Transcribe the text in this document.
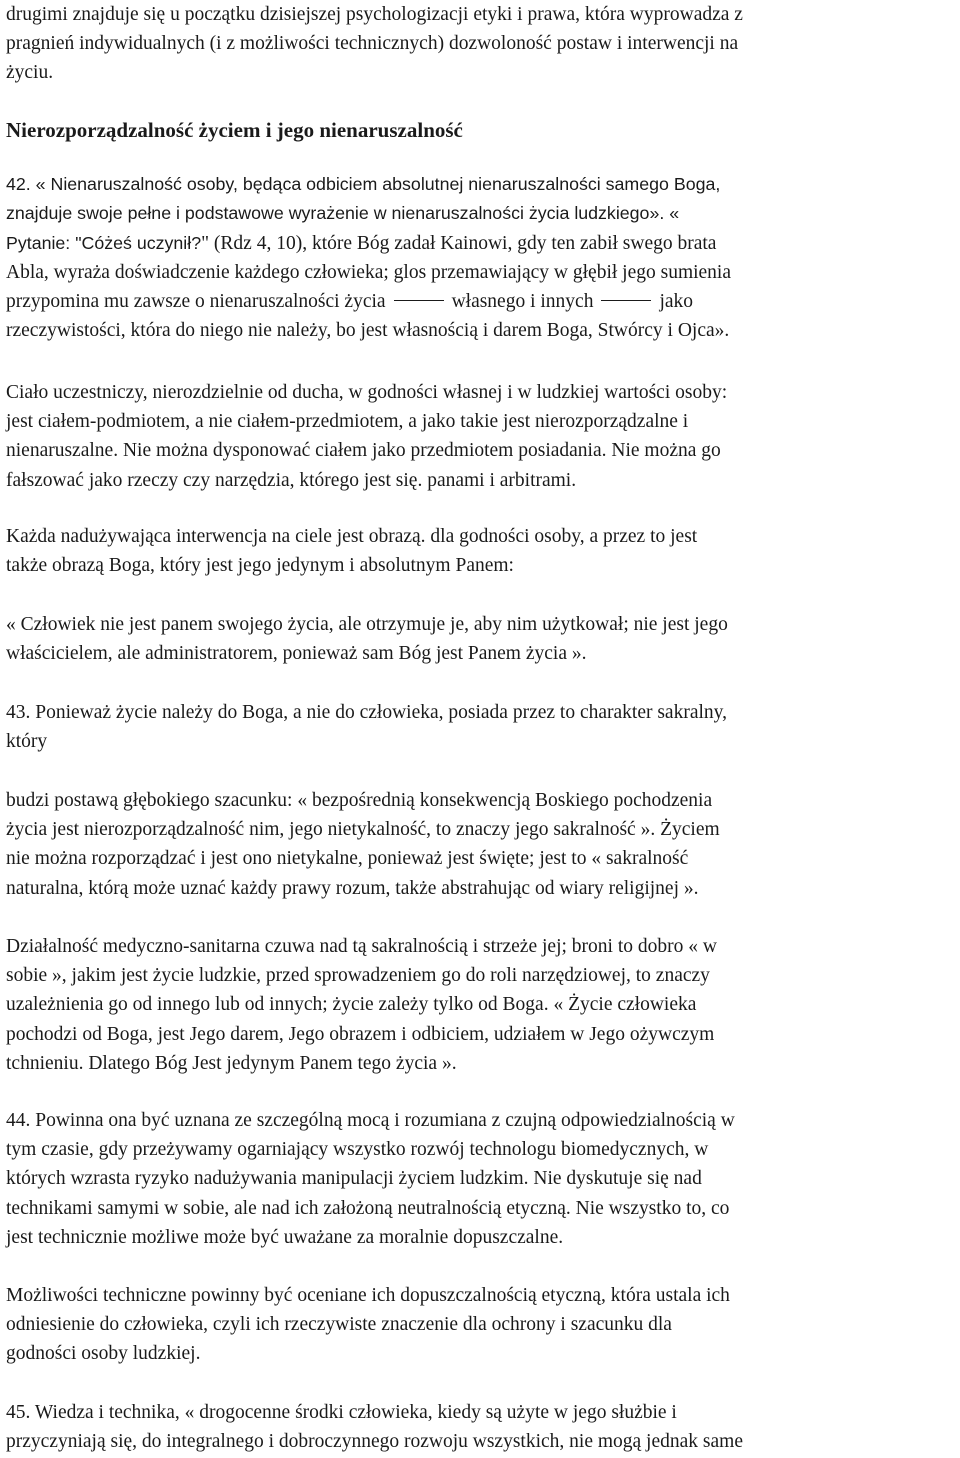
drugimi znajduje się u początku dzisiejszej psychologizacji etyki i prawa, która wyprowadza z
pragnień indywidualnych (i z możliwości technicznych) dozwoloność postaw i interwencji na
życiu.
Nierozporządzalność życiem i jego nienaruszalność
42. « Nienaruszalność osoby, będąca odbiciem absolutnej nienaruszalności samego Boga,
znajduje swoje pełne i podstawowe wyrażenie w nienaruszalności życia ludzkiego». «
Pytanie: "Cóżeś uczynił?" (Rdz 4, 10), które Bóg zadał Kainowi, gdy ten zabił swego brata
Abla, wyraża doświadczenie każdego człowieka; glos przemawiający w głębił jego sumienia
przypomina mu zawsze o nienaruszalności życia	własnego i innych	jako
rzeczywistości, która do niego nie należy, bo jest własnością i darem Boga, Stwórcy i Ojca».
Ciało uczestniczy, nierozdzielnie od ducha, w godności własnej i w ludzkiej wartości osoby:
jest ciałem-podmiotem, a nie ciałem-przedmiotem, a jako takie jest nierozporządzalne i
nienaruszalne. Nie można dysponować ciałem jako przedmiotem posiadania. Nie można go
fałszować jako rzeczy czy narzędzia, którego jest się. panami i arbitrami.
Każda nadużywająca interwencja na ciele jest obrazą. dla godności osoby, a przez to jest
także obrazą Boga, który jest jego jedynym i absolutnym Panem:
« Człowiek nie jest panem swojego życia, ale otrzymuje je, aby nim użytkował; nie jest jego
właścicielem, ale administratorem, ponieważ sam Bóg jest Panem życia ».
43. Ponieważ życie należy do Boga, a nie do człowieka, posiada przez to charakter sakralny,
który
budzi postawą głębokiego szacunku: « bezpośrednią konsekwencją Boskiego pochodzenia
życia jest nierozporządzalność nim, jego nietykalność, to znaczy jego sakralność ». Życiem
nie można rozporządzać i jest ono nietykalne, ponieważ jest święte; jest to « sakralność
naturalna, którą może uznać każdy prawy rozum, także abstrahując od wiary religijnej ».
Działalność medyczno-sanitarna czuwa nad tą sakralnością i strzeże jej; broni to dobro « w
sobie », jakim jest życie ludzkie, przed sprowadzeniem go do roli narzędziowej, to znaczy
uzależnienia go od innego lub od innych; życie zależy tylko od Boga. « Życie człowieka
pochodzi od Boga, jest Jego darem, Jego obrazem i odbiciem, udziałem w Jego ożywczym
tchnieniu. Dlatego Bóg Jest jedynym Panem tego życia ».
44. Powinna ona być uznana ze szczególną mocą i rozumiana z czujną odpowiedzialnością w
tym czasie, gdy przeżywamy ogarniający wszystko rozwój technologu biomedycznych, w
których wzrasta ryzyko nadużywania manipulacji życiem ludzkim. Nie dyskutuje się nad
technikami samymi w sobie, ale nad ich założoną neutralnością etyczną. Nie wszystko to, co
jest technicznie możliwe może być uważane za moralnie dopuszczalne.
Możliwości techniczne powinny być oceniane ich dopuszczalnością etyczną, która ustala ich
odniesienie do człowieka, czyli ich rzeczywiste znaczenie dla ochrony i szacunku dla
godności osoby ludzkiej.
45. Wiedza i technika, « drogocenne środki człowieka, kiedy są użyte w jego służbie i
przyczyniają się, do integralnego i dobroczynnego rozwoju wszystkich, nie mogą jednak same
